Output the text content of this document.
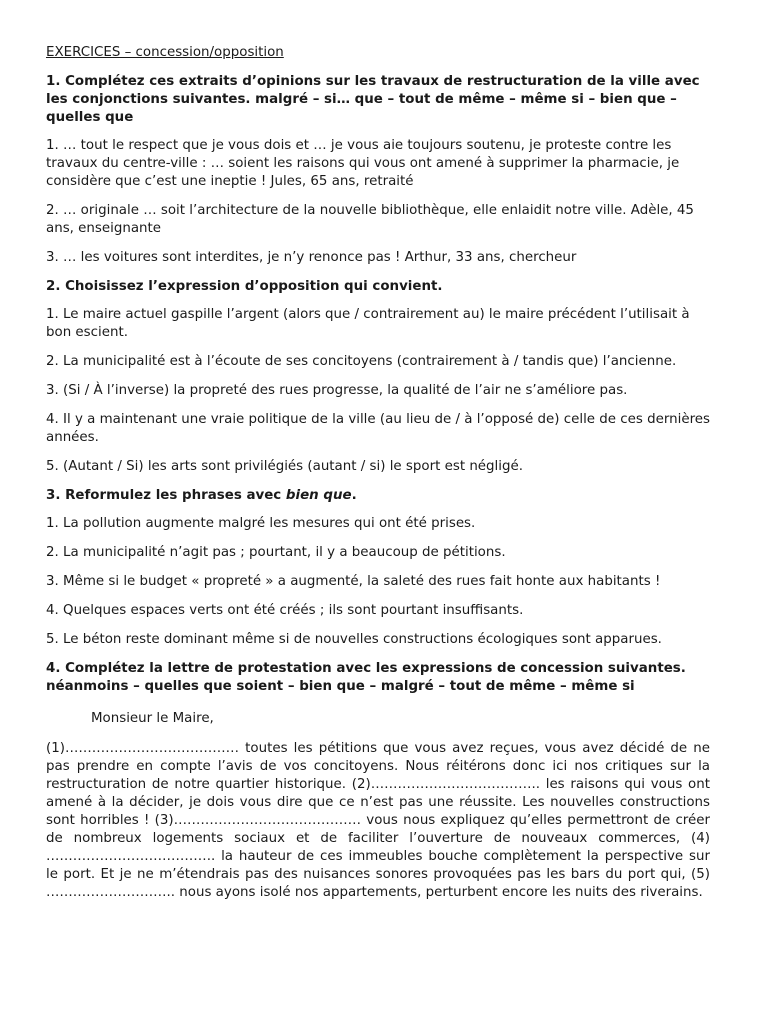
EXERCICES – concession/opposition

1. Complétez ces extraits d’opinions sur les travaux de restructuration de la ville avec les conjonctions suivantes. malgré – si… que – tout de même – même si – bien que – quelles que

1. … tout le respect que je vous dois et … je vous aie toujours soutenu, je proteste contre les travaux du centre-ville : … soient les raisons qui vous ont amené à supprimer la pharmacie, je considère que c’est une ineptie ! Jules, 65 ans, retraité

2. … originale … soit l’architecture de la nouvelle bibliothèque, elle enlaidit notre ville. Adèle, 45 ans, enseignante

3. … les voitures sont interdites, je n’y renonce pas ! Arthur, 33 ans, chercheur

2. Choisissez l’expression d’opposition qui convient.

1. Le maire actuel gaspille l’argent (alors que / contrairement au) le maire précédent l’utilisait à bon escient.

2. La municipalité est à l’écoute de ses concitoyens (contrairement à / tandis que) l’ancienne.

3. (Si / À l’inverse) la propreté des rues progresse, la qualité de l’air ne s’améliore pas.

4. Il y a maintenant une vraie politique de la ville (au lieu de / à l’opposé de) celle de ces dernières années.

5. (Autant / Si) les arts sont privilégiés (autant / si) le sport est négligé.

3. Reformulez les phrases avec bien que.

1. La pollution augmente malgré les mesures qui ont été prises.

2. La municipalité n’agit pas ; pourtant, il y a beaucoup de pétitions.

3. Même si le budget « propreté » a augmenté, la saleté des rues fait honte aux habitants !

4. Quelques espaces verts ont été créés ; ils sont pourtant insuffisants.

5. Le béton reste dominant même si de nouvelles constructions écologiques sont apparues.

4. Complétez la lettre de protestation avec les expressions de concession suivantes. néanmoins – quelles que soient – bien que – malgré – tout de même – même si

Monsieur le Maire,

(1)………………………………… toutes les pétitions que vous avez reçues, vous avez décidé de ne pas prendre en compte l’avis de vos concitoyens. Nous réitérons donc ici nos critiques sur la restructuration de notre quartier historique. (2)……………………………….. les raisons qui vous ont amené à la décider, je dois vous dire que ce n’est pas une réussite. Les nouvelles constructions sont horribles ! (3)…………………………………… vous nous expliquez qu’elles permettront de créer de nombreux logements sociaux et de faciliter l’ouverture de nouveaux commerces, (4) ……………………………….. la hauteur de ces immeubles bouche complètement la perspective sur le port. Et je ne m’étendrais pas des nuisances sonores provoquées pas les bars du port qui, (5) ……………………….. nous ayons isolé nos appartements, perturbent encore les nuits des riverains.
